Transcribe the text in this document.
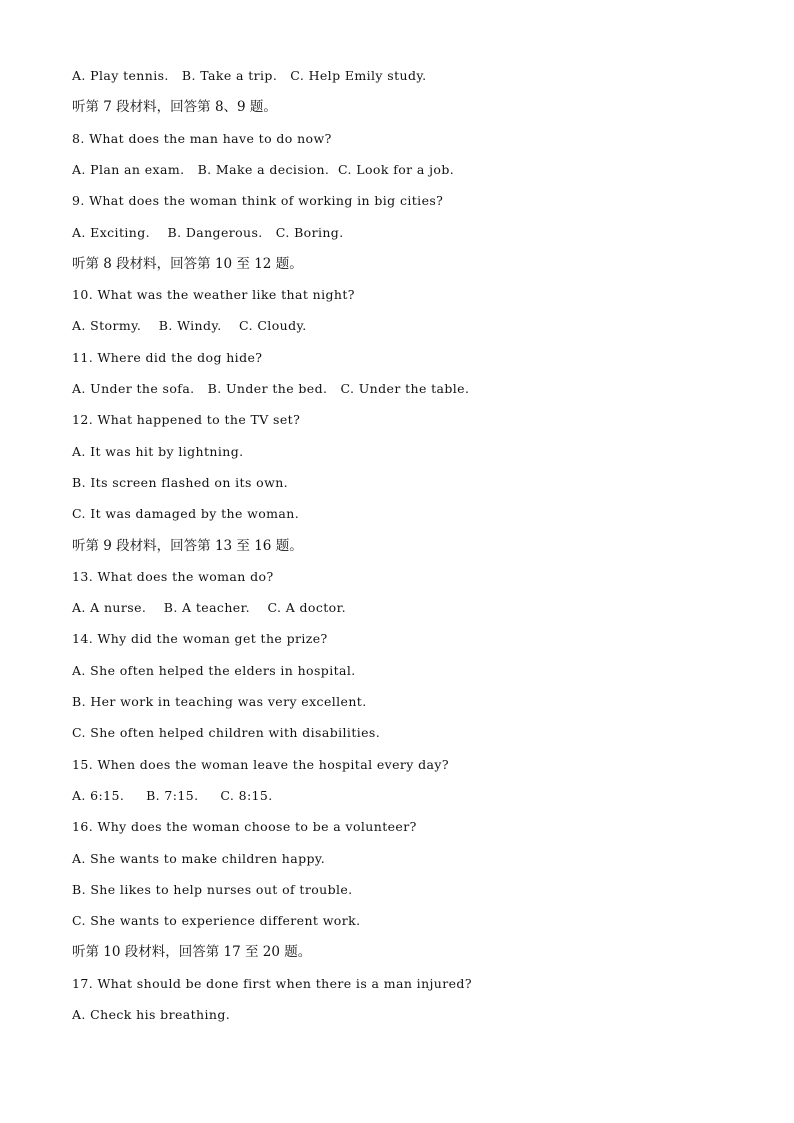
A. Play tennis.   B. Take a trip.   C. Help Emily study.
听第 7 段材料，回答第 8、9 题。
8. What does the man have to do now?
A. Plan an exam.   B. Make a decision.  C. Look for a job.
9. What does the woman think of working in big cities?
A. Exciting.    B. Dangerous.   C. Boring.
听第 8 段材料，回答第 10 至 12 题。
10. What was the weather like that night?
A. Stormy.    B. Windy.    C. Cloudy.
11. Where did the dog hide?
A. Under the sofa.   B. Under the bed.   C. Under the table.
12. What happened to the TV set?
A. It was hit by lightning.
B. Its screen flashed on its own.
C. It was damaged by the woman.
听第 9 段材料，回答第 13 至 16 题。
13. What does the woman do?
A. A nurse.    B. A teacher.    C. A doctor.
14. Why did the woman get the prize?
A. She often helped the elders in hospital.
B. Her work in teaching was very excellent.
C. She often helped children with disabilities.
15. When does the woman leave the hospital every day?
A. 6:15.     B. 7:15.     C. 8:15.
16. Why does the woman choose to be a volunteer?
A. She wants to make children happy.
B. She likes to help nurses out of trouble.
C. She wants to experience different work.
听第 10 段材料，回答第 17 至 20 题。
17. What should be done first when there is a man injured?
A. Check his breathing.
